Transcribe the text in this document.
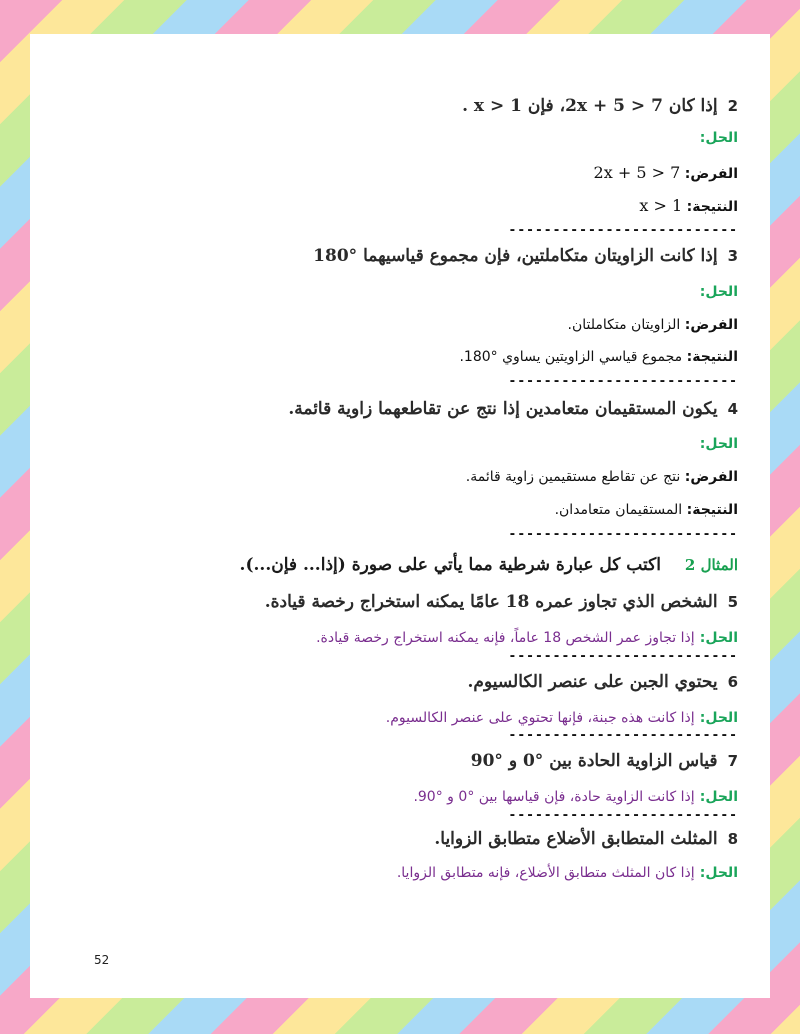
2إذا كان 7 < 5 + 2x، فإن x > 1 .
الحل:
الفرض: 2x + 5 > 7
النتيجة: x > 1
--------------------------
3إذا كانت الزاويتان متكاملتين، فإن مجموع قياسيهما °180
الحل:
الفرض: الزاويتان متكاملتان.
النتيجة: مجموع قياسي الزاويتين يساوي °180.
--------------------------
4يكون المستقيمان متعامدين إذا نتج عن تقاطعهما زاوية قائمة.
الحل:
الفرض: نتج عن تقاطع مستقيمين زاوية قائمة.
النتيجة: المستقيمان متعامدان.
--------------------------
المثال 2اكتب كل عبارة شرطية مما يأتي على صورة (إذا... فإن...).
5الشخص الذي تجاوز عمره 18 عامًا يمكنه استخراج رخصة قيادة.
الحل: إذا تجاوز عمر الشخص 18 عاماً، فإنه يمكنه استخراج رخصة قيادة.
--------------------------
6يحتوي الجبن على عنصر الكالسيوم.
الحل: إذا كانت هذه جبنة، فإنها تحتوي على عنصر الكالسيوم.
--------------------------
7قياس الزاوية الحادة بين °0 و °90
الحل: إذا كانت الزاوية حادة، فإن قياسها بين °0 و °90.
--------------------------
8المثلث المتطابق الأضلاع متطابق الزوايا.
الحل: إذا كان المثلث متطابق الأضلاع، فإنه متطابق الزوايا.
52
